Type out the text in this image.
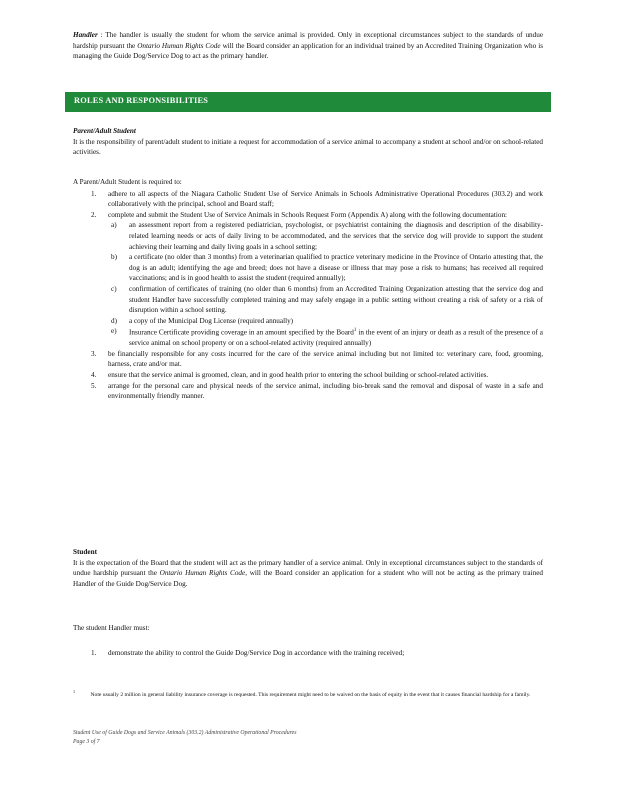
Handler : The handler is usually the student for whom the service animal is provided. Only in exceptional circumstances subject to the standards of undue hardship pursuant the Ontario Human Rights Code will the Board consider an application for an individual trained by an Accredited Training Organization who is managing the Guide Dog/Service Dog to act as the primary handler.
ROLES AND RESPONSIBILITIES
Parent/Adult Student
It is the responsibility of parent/adult student to initiate a request for accommodation of a service animal to accompany a student at school and/or on school-related activities.
A Parent/Adult Student is required to:
1. adhere to all aspects of the Niagara Catholic Student Use of Service Animals in Schools Administrative Operational Procedures (303.2) and work collaboratively with the principal, school and Board staff;
2. complete and submit the Student Use of Service Animals in Schools Request Form (Appendix A) along with the following documentation:
a) an assessment report from a registered pediatrician, psychologist, or psychiatrist containing the diagnosis and description of the disability-related learning needs or acts of daily living to be accommodated, and the services that the service dog will provide to support the student achieving their learning and daily living goals in a school setting;
b) a certificate (no older than 3 months) from a veterinarian qualified to practice veterinary medicine in the Province of Ontario attesting that, the dog is an adult; identifying the age and breed; does not have a disease or illness that may pose a risk to humans; has received all required vaccinations; and is in good health to assist the student (required annually);
c) confirmation of certificates of training (no older than 6 months) from an Accredited Training Organization attesting that the service dog and student Handler have successfully completed training and may safely engage in a public setting without creating a risk of safety or a risk of disruption within a school setting.
d) a copy of the Municipal Dog License (required annually)
e) Insurance Certificate providing coverage in an amount specified by the Board$^1$ in the event of an injury or death as a result of the presence of a service animal on school property or on a school-related activity (required annually)
3. be financially responsible for any costs incurred for the care of the service animal including but not limited to: veterinary care, food, grooming, harness, crate and/or mat.
4. ensure that the service animal is groomed, clean, and in good health prior to entering the school building or school-related activities.
5. arrange for the personal care and physical needs of the service animal, including bio-break sand the removal and disposal of waste in a safe and environmentally friendly manner.
Student
It is the expectation of the Board that the student will act as the primary handler of a service animal. Only in exceptional circumstances subject to the standards of undue hardship pursuant the Ontario Human Rights Code, will the Board consider an application for a student who will not be acting as the primary trained Handler of the Guide Dog/Service Dog.
The student Handler must:
1. demonstrate the ability to control the Guide Dog/Service Dog in accordance with the training received;
$^1$ Note usually 2 million in general liability insurance coverage is requested. This requirement might need to be waived on the basis of equity in the event that it causes financial hardship for a family.
Student Use of Guide Dogs and Service Animals (303.2) Administrative Operational Procedures
Page 3 of 7
